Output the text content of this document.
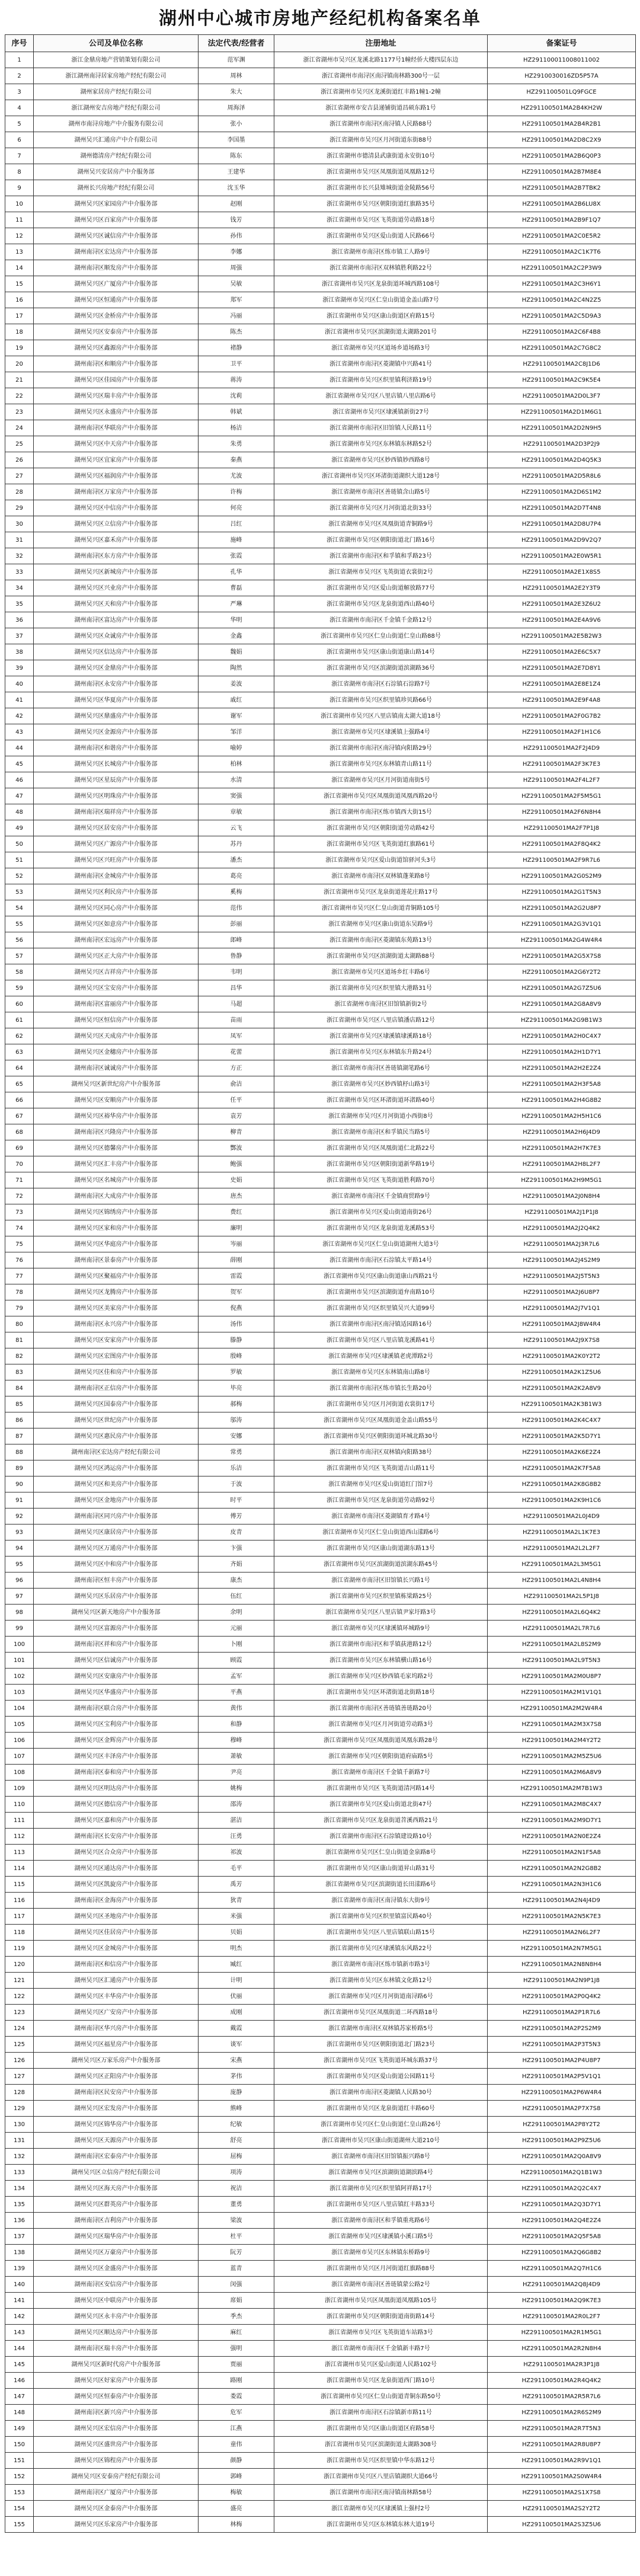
湖州中心城市房地产经纪机构备案名单
序号	公司及单位名称	法定代表/经营者	注册地址	备案证号
1	浙江金鼎房地产营销策划有限公司	范军渊	浙江省湖州市吴兴区龙溪北路1177号1幢经侨大楼四层东边	HZ291100011008011002
2	浙江湖州南浔居家房地产经纪有限公司	周林	浙江省湖州市南浔区南浔镇南林路300号一层	HZ2910030016ZD5P57A
3	湖州家居房产经纪有限公司	朱大	浙江省湖州市吴兴区龙溪街道红丰路1幢1-2幢	HZ291100501LQ9FGCE
4	浙江湖州安吉房地产经纪有限公司	周海泽	浙江省湖州市安吉县递铺街道昌硕东路1号	HZ291100501MA2B4KH2W
5	湖州市南浔房地产中介服务有限公司	张小	浙江省湖州市南浔区南浔镇人民路88号	HZ291100501MA2B4R2B1
6	湖州吴兴汇通房产中介有限公司	李国墨	浙江省湖州市吴兴区月河街道东街88号	HZ291100501MA2D8C2X9
7	湖州德清房产经纪有限公司	陈东	浙江省湖州市德清县武康街道永安街10号	HZ291100501MA2B6Q0P3
8	湖州吴兴安居房产中介服务部	王建华	浙江省湖州市吴兴区凤凰街道凤凰路12号	HZ291100501MA2B7M8E4
9	湖州长兴房地产经纪有限公司	沈玉华	浙江省湖州市长兴县雉城街道金陵路56号	HZ291100501MA2B7TBK2
10	湖州吴兴区家园房产中介服务部	赵刚	浙江省湖州市吴兴区朝阳街道红旗路35号	HZ291100501MA2B6LU8X
11	湖州吴兴区百家房产中介服务部	钱芳	浙江省湖州市吴兴区飞英街道劳动路18号	HZ291100501MA2B9F1Q7
12	湖州吴兴区诚信房产中介服务部	孙伟	浙江省湖州市吴兴区爱山街道人民路66号	HZ291100501MA2C0E5R2
13	湖州南浔区宏达房产中介服务部	李娜	浙江省湖州市南浔区练市镇工人路9号	HZ291100501MA2C1K7T6
14	湖州南浔区顺发房产中介服务部	周强	浙江省湖州市南浔区双林镇胜利路22号	HZ291100501MA2C2P3W9
15	湖州吴兴区广厦房产中介服务部	吴敏	浙江省湖州市吴兴区龙泉街道环城西路108号	HZ291100501MA2C3H6Y1
16	湖州吴兴区恒通房产中介服务部	郑军	浙江省湖州市吴兴区仁皇山街道金盖山路7号	HZ291100501MA2C4N2Z5
17	湖州吴兴区金桥房产中介服务部	冯丽	浙江省湖州市吴兴区康山街道区府路15号	HZ291100501MA2C5D9A3
18	湖州吴兴区安泰房产中介服务部	陈杰	浙江省湖州市吴兴区滨湖街道太湖路201号	HZ291100501MA2C6F4B8
19	湖州吴兴区鑫源房产中介服务部	褚静	浙江省湖州市吴兴区道场乡道场路3号	HZ291100501MA2C7G8C2
20	湖州南浔区和顺房产中介服务部	卫平	浙江省湖州市南浔区菱湖镇中兴路41号	HZ291100501MA2C8J1D6
21	湖州吴兴区佳园房产中介服务部	蒋涛	浙江省湖州市吴兴区织里镇利济路19号	HZ291100501MA2C9K5E4
22	湖州吴兴区瑞丰房产中介服务部	沈莉	浙江省湖州市吴兴区八里店镇八里店路6号	HZ291100501MA2D0L3F7
23	湖州吴兴区永盛房产中介服务部	韩斌	浙江省湖州市吴兴区埭溪镇新街27号	HZ291100501MA2D1M6G1
24	湖州南浔区华联房产中介服务部	杨洁	浙江省湖州市南浔区旧馆镇人民路11号	HZ291100501MA2D2N9H5
25	湖州吴兴区中天房产中介服务部	朱勇	浙江省湖州市吴兴区东林镇东林路52号	HZ291100501MA2D3P2J9
26	湖州吴兴区宜家房产中介服务部	秦燕	浙江省湖州市吴兴区妙西镇妙西路8号	HZ291100501MA2D4Q5K3
27	湖州吴兴区福润房产中介服务部	尤波	浙江省湖州市吴兴区环渚街道湖织大道128号	HZ291100501MA2D5R8L6
28	湖州南浔区万家房产中介服务部	许梅	浙江省湖州市南浔区善琏镇含山路5号	HZ291100501MA2D6S1M2
29	湖州吴兴区中信房产中介服务部	何亮	浙江省湖州市吴兴区月河街道北街33号	HZ291100501MA2D7T4N8
30	湖州吴兴区立信房产中介服务部	吕红	浙江省湖州市吴兴区凤凰街道青铜路9号	HZ291100501MA2D8U7P4
31	湖州吴兴区嘉禾房产中介服务部	施峰	浙江省湖州市吴兴区朝阳街道北门路16号	HZ291100501MA2D9V2Q7
32	湖州南浔区东方房产中介服务部	张霞	浙江省湖州市南浔区和孚镇和孚路23号	HZ291100501MA2E0W5R1
33	湖州吴兴区新城房产中介服务部	孔华	浙江省湖州市吴兴区飞英街道衣裳街2号	HZ291100501MA2E1X8S5
34	湖州吴兴区兴业房产中介服务部	曹磊	浙江省湖州市吴兴区爱山街道解放路77号	HZ291100501MA2E2Y3T9
35	湖州吴兴区天和房产中介服务部	严琳	浙江省湖州市吴兴区龙泉街道西山路40号	HZ291100501MA2E3Z6U2
36	湖州南浔区富达房产中介服务部	华明	浙江省湖州市南浔区千金镇千金路12号	HZ291100501MA2E4A9V6
37	湖州吴兴区众诚房产中介服务部	金鑫	浙江省湖州市吴兴区仁皇山街道仁皇山路88号	HZ291100501MA2E5B2W3
38	湖州吴兴区信达房产中介服务部	魏娟	浙江省湖州市吴兴区康山街道康山路14号	HZ291100501MA2E6C5X7
39	湖州吴兴区金鼎房产中介服务部	陶然	浙江省湖州市吴兴区滨湖街道滨湖路36号	HZ291100501MA2E7D8Y1
40	湖州南浔区永安房产中介服务部	姜波	浙江省湖州市南浔区石淙镇石淙路7号	HZ291100501MA2E8E1Z4
41	湖州吴兴区华夏房产中介服务部	戚红	浙江省湖州市吴兴区织里镇珍贝路66号	HZ291100501MA2E9F4A8
42	湖州吴兴区鼎盛房产中介服务部	谢军	浙江省湖州市吴兴区八里店镇南太湖大道18号	HZ291100501MA2F0G7B2
43	湖州吴兴区金源房产中介服务部	邹洋	浙江省湖州市吴兴区埭溪镇上强路4号	HZ291100501MA2F1H1C6
44	湖州南浔区和谐房产中介服务部	喻婷	浙江省湖州市南浔区南浔镇向阳路29号	HZ291100501MA2F2J4D9
45	湖州吴兴区长城房产中介服务部	柏林	浙江省湖州市吴兴区东林镇青山路11号	HZ291100501MA2F3K7E3
46	湖州吴兴区星辰房产中介服务部	水清	浙江省湖州市吴兴区月河街道南街5号	HZ291100501MA2F4L2F7
47	湖州吴兴区明珠房产中介服务部	窦强	浙江省湖州市吴兴区凤凰街道凤凰西路20号	HZ291100501MA2F5M5G1
48	湖州南浔区瑞祥房产中介服务部	章敏	浙江省湖州市南浔区练市镇西大街15号	HZ291100501MA2F6N8H4
49	湖州吴兴区居安房产中介服务部	云飞	浙江省湖州市吴兴区朝阳街道劳动路42号	HZ291100501MA2F7P1J8
50	湖州吴兴区广源房产中介服务部	苏丹	浙江省湖州市吴兴区飞英街道红旗路61号	HZ291100501MA2F8Q4K2
51	湖州吴兴区兴旺房产中介服务部	潘杰	浙江省湖州市吴兴区爱山街道馆驿河头3号	HZ291100501MA2F9R7L6
52	湖州南浔区金城房产中介服务部	葛亮	浙江省湖州市南浔区双林镇蓬莱路8号	HZ291100501MA2G0S2M9
53	湖州吴兴区利民房产中介服务部	奚梅	浙江省湖州市吴兴区龙泉街道莲花庄路17号	HZ291100501MA2G1T5N3
54	湖州吴兴区同心房产中介服务部	范伟	浙江省湖州市吴兴区仁皇山街道青铜路105号	HZ291100501MA2G2U8P7
55	湖州吴兴区如意房产中介服务部	彭丽	浙江省湖州市吴兴区康山街道东吴路9号	HZ291100501MA2G3V1Q1
56	湖州南浔区宏远房产中介服务部	郎峰	浙江省湖州市南浔区菱湖镇东苑路13号	HZ291100501MA2G4W4R4
57	湖州吴兴区正大房产中介服务部	鲁静	浙江省湖州市吴兴区滨湖街道太湖路88号	HZ291100501MA2G5X7S8
58	湖州吴兴区吉祥房产中介服务部	韦明	浙江省湖州市吴兴区道场乡红丰路6号	HZ291100501MA2G6Y2T2
59	湖州吴兴区宝安房产中介服务部	昌华	浙江省湖州市吴兴区织里镇大港路31号	HZ291100501MA2G7Z5U6
60	湖州南浔区富丽房产中介服务部	马超	浙江省湖州市南浔区旧馆镇新街2号	HZ291100501MA2G8A8V9
61	湖州吴兴区恒信房产中介服务部	苗雨	浙江省湖州市吴兴区八里店镇潘店路12号	HZ291100501MA2G9B1W3
62	湖州吴兴区天成房产中介服务部	凤军	浙江省湖州市吴兴区埭溪镇埭溪路18号	HZ291100501MA2H0C4X7
63	湖州吴兴区金穗房产中介服务部	花蕾	浙江省湖州市吴兴区东林镇东升路24号	HZ291100501MA2H1D7Y1
64	湖州南浔区诚诚房产中介服务部	方正	浙江省湖州市南浔区善琏镇湖笔路6号	HZ291100501MA2H2E2Z4
65	湖州吴兴区新世纪房产中介服务部	俞洁	浙江省湖州市吴兴区妙西镇杼山路3号	HZ291100501MA2H3F5A8
66	湖州吴兴区安顺房产中介服务部	任平	浙江省湖州市吴兴区环渚街道环渚路40号	HZ291100501MA2H4G8B2
67	湖州吴兴区裕华房产中介服务部	袁芳	浙江省湖州市吴兴区月河街道小西街8号	HZ291100501MA2H5H1C6
68	湖州南浔区兴隆房产中介服务部	柳青	浙江省湖州市南浔区和孚镇民当路5号	HZ291100501MA2H6J4D9
69	湖州吴兴区德馨房产中介服务部	酆波	浙江省湖州市吴兴区凤凰街道仁北路22号	HZ291100501MA2H7K7E3
70	湖州吴兴区汇丰房产中介服务部	鲍强	浙江省湖州市吴兴区朝阳街道新华路19号	HZ291100501MA2H8L2F7
71	湖州吴兴区名城房产中介服务部	史娟	浙江省湖州市吴兴区飞英街道胜利路70号	HZ291100501MA2H9M5G1
72	湖州南浔区大成房产中介服务部	唐杰	浙江省湖州市南浔区千金镇商贸路9号	HZ291100501MA2J0N8H4
73	湖州吴兴区锦绣房产中介服务部	费红	浙江省湖州市吴兴区爱山街道南街26号	HZ291100501MA2J1P1J8
74	湖州吴兴区家和房产中介服务部	廉明	浙江省湖州市吴兴区龙泉街道龙溪路53号	HZ291100501MA2J2Q4K2
75	湖州吴兴区华庭房产中介服务部	岑丽	浙江省湖州市吴兴区仁皇山街道湖州大道3号	HZ291100501MA2J3R7L6
76	湖州南浔区景泰房产中介服务部	薛刚	浙江省湖州市南浔区石淙镇太平路14号	HZ291100501MA2J4S2M9
77	湖州吴兴区聚福房产中介服务部	雷霞	浙江省湖州市吴兴区康山街道康山西路21号	HZ291100501MA2J5T5N3
78	湖州吴兴区龙腾房产中介服务部	贺军	浙江省湖州市吴兴区滨湖街道弁南路10号	HZ291100501MA2J6U8P7
79	湖州吴兴区美家房产中介服务部	倪燕	浙江省湖州市吴兴区织里镇吴兴大道99号	HZ291100501MA2J7V1Q1
80	湖州南浔区永兴房产中介服务部	汤伟	浙江省湖州市南浔区南浔镇适园路16号	HZ291100501MA2J8W4R4
81	湖州吴兴区安家房产中介服务部	滕静	浙江省湖州市吴兴区八里店镇龙溪路41号	HZ291100501MA2J9X7S8
82	湖州吴兴区宏图房产中介服务部	殷峰	浙江省湖州市吴兴区埭溪镇老虎潭路2号	HZ291100501MA2K0Y2T2
83	湖州吴兴区佳和房产中介服务部	罗敏	浙江省湖州市吴兴区东林镇南山路8号	HZ291100501MA2K1Z5U6
84	湖州南浔区正信房产中介服务部	毕亮	浙江省湖州市南浔区练市镇长生路20号	HZ291100501MA2K2A8V9
85	湖州吴兴区国泰房产中介服务部	郝梅	浙江省湖州市吴兴区月河街道衣裳街17号	HZ291100501MA2K3B1W3
86	湖州吴兴区世纪房产中介服务部	邬涛	浙江省湖州市吴兴区凤凰街道金盖山路55号	HZ291100501MA2K4C4X7
87	湖州吴兴区惠民房产中介服务部	安娜	浙江省湖州市吴兴区朝阳街道环城北路30号	HZ291100501MA2K5D7Y1
88	湖州南浔区宏达房产经纪有限公司	常勇	浙江省湖州市南浔区双林镇向阳路38号	HZ291100501MA2K6E2Z4
89	湖州吴兴区鸿运房产中介服务部	乐洁	浙江省湖州市吴兴区飞英街道吉山路11号	HZ291100501MA2K7F5A8
90	湖州吴兴区和美房产中介服务部	于波	浙江省湖州市吴兴区爱山街道红门馆7号	HZ291100501MA2K8G8B2
91	湖州吴兴区金地房产中介服务部	时平	浙江省湖州市吴兴区龙泉街道劳动路92号	HZ291100501MA2K9H1C6
92	湖州南浔区同兴房产中介服务部	傅芳	浙江省湖州市南浔区菱湖镇育才路4号	HZ291100501MA2L0J4D9
93	湖州吴兴区康居房产中介服务部	皮青	浙江省湖州市吴兴区仁皇山街道西山漾路6号	HZ291100501MA2L1K7E3
94	湖州吴兴区万通房产中介服务部	卞强	浙江省湖州市吴兴区康山街道湖东路13号	HZ291100501MA2L2L2F7
95	湖州吴兴区中和房产中介服务部	齐娟	浙江省湖州市吴兴区滨湖街道滨湖东路45号	HZ291100501MA2L3M5G1
96	湖州南浔区恒丰房产中介服务部	康杰	浙江省湖州市南浔区旧馆镇长兴路1号	HZ291100501MA2L4N8H4
97	湖州吴兴区乐居房产中介服务部	伍红	浙江省湖州市吴兴区织里镇栋梁路25号	HZ291100501MA2L5P1J8
98	湖州吴兴区新天地房产中介服务部	余明	浙江省湖州市吴兴区八里店镇尹家圩路3号	HZ291100501MA2L6Q4K2
99	湖州吴兴区富源房产中介服务部	元丽	浙江省湖州市吴兴区埭溪镇环城路9号	HZ291100501MA2L7R7L6
100	湖州南浔区祥和房产中介服务部	卜刚	浙江省湖州市南浔区和孚镇荻港路12号	HZ291100501MA2L8S2M9
101	湖州吴兴区信诚房产中介服务部	顾霞	浙江省湖州市吴兴区东林镇横山路16号	HZ291100501MA2L9T5N3
102	湖州吴兴区安康房产中介服务部	孟军	浙江省湖州市吴兴区妙西镇毛家坞路2号	HZ291100501MA2M0U8P7
103	湖州吴兴区华盛房产中介服务部	平燕	浙江省湖州市吴兴区环渚街道北街路18号	HZ291100501MA2M1V1Q1
104	湖州南浔区联合房产中介服务部	黄伟	浙江省湖州市南浔区善琏镇善琏路20号	HZ291100501MA2M2W4R4
105	湖州吴兴区宝利房产中介服务部	和静	浙江省湖州市吴兴区月河街道劳动路3号	HZ291100501MA2M3X7S8
106	湖州吴兴区金辉房产中介服务部	穆峰	浙江省湖州市吴兴区凤凰街道凤凰东路28号	HZ291100501MA2M4Y2T2
107	湖州吴兴区丰泽房产中介服务部	萧敏	浙江省湖州市吴兴区朝阳街道府庙路5号	HZ291100501MA2M5Z5U6
108	湖州南浔区泰和房产中介服务部	尹亮	浙江省湖州市南浔区千金镇千新路7号	HZ291100501MA2M6A8V9
109	湖州吴兴区明达房产中介服务部	姚梅	浙江省湖州市吴兴区飞英街道清河路14号	HZ291100501MA2M7B1W3
110	湖州吴兴区德信房产中介服务部	邵涛	浙江省湖州市吴兴区爱山街道北街47号	HZ291100501MA2M8C4X7
111	湖州吴兴区嘉和房产中介服务部	湛洁	浙江省湖州市吴兴区龙泉街道苕溪西路21号	HZ291100501MA2M9D7Y1
112	湖州南浔区长安房产中介服务部	汪勇	浙江省湖州市南浔区石淙镇建设路10号	HZ291100501MA2N0E2Z4
113	湖州吴兴区合众房产中介服务部	祁波	浙江省湖州市吴兴区仁皇山街道金泉路8号	HZ291100501MA2N1F5A8
114	湖州吴兴区通达房产中介服务部	毛平	浙江省湖州市吴兴区康山街道昇山路31号	HZ291100501MA2N2G8B2
115	湖州吴兴区凯旋房产中介服务部	禹芳	浙江省湖州市吴兴区滨湖街道长田漾路6号	HZ291100501MA2N3H1C6
116	湖州南浔区金海房产中介服务部	狄青	浙江省湖州市南浔区南浔镇东大街9号	HZ291100501MA2N4J4D9
117	湖州吴兴区圣地房产中介服务部	米强	浙江省湖州市吴兴区织里镇富民路40号	HZ291100501MA2N5K7E3
118	湖州吴兴区佳居房产中介服务部	贝娟	浙江省湖州市吴兴区八里店镇联山路15号	HZ291100501MA2N6L2F7
119	湖州吴兴区金城房产中介服务部	明杰	浙江省湖州市吴兴区埭溪镇东风路22号	HZ291100501MA2N7M5G1
120	湖州南浔区和信房产中介服务部	臧红	浙江省湖州市南浔区练市镇新市路3号	HZ291100501MA2N8N8H4
121	湖州吴兴区汇通房产中介服务部	计明	浙江省湖州市吴兴区东林镇文化路12号	HZ291100501MA2N9P1J8
122	湖州吴兴区丰华房产中介服务部	伏丽	浙江省湖州市吴兴区月河街道南浔路6号	HZ291100501MA2P0Q4K2
123	湖州吴兴区广安房产中介服务部	成刚	浙江省湖州市吴兴区凤凰街道二环西路18号	HZ291100501MA2P1R7L6
124	湖州南浔区华兴房产中介服务部	戴霞	浙江省湖州市南浔区双林镇苏家桥路5号	HZ291100501MA2P2S2M9
125	湖州吴兴区福星房产中介服务部	谈军	浙江省湖州市吴兴区朝阳街道北门路23号	HZ291100501MA2P3T5N3
126	湖州吴兴区万家乐房产中介服务部	宋燕	浙江省湖州市吴兴区飞英街道环城东路37号	HZ291100501MA2P4U8P7
127	湖州吴兴区正阳房产中介服务部	茅伟	浙江省湖州市吴兴区爱山街道公园路11号	HZ291100501MA2P5V1Q1
128	湖州南浔区民安房产中介服务部	庞静	浙江省湖州市南浔区菱湖镇人民路30号	HZ291100501MA2P6W4R4
129	湖州吴兴区宏发房产中介服务部	熊峰	浙江省湖州市吴兴区龙泉街道红丰路60号	HZ291100501MA2P7X7S8
130	湖州吴兴区锦华房产中介服务部	纪敏	浙江省湖州市吴兴区仁皇山街道仁皇山路26号	HZ291100501MA2P8Y2T2
131	湖州吴兴区天源房产中介服务部	舒亮	浙江省湖州市吴兴区康山街道湖州大道210号	HZ291100501MA2P9Z5U6
132	湖州南浔区宏泰房产中介服务部	屈梅	浙江省湖州市南浔区旧馆镇振兴路8号	HZ291100501MA2Q0A8V9
133	湖州吴兴区立信房产经纪有限公司	项涛	浙江省湖州市吴兴区滨湖街道湖滨路4号	HZ291100501MA2Q1B1W3
134	湖州吴兴区海天房产中介服务部	祝洁	浙江省湖州市吴兴区织里镇阿祥路17号	HZ291100501MA2Q2C4X7
135	湖州吴兴区群英房产中介服务部	董勇	浙江省湖州市吴兴区八里店镇红丰路33号	HZ291100501MA2Q3D7Y1
136	湖州南浔区吉利房产中介服务部	梁波	浙江省湖州市南浔区和孚镇重兆路6号	HZ291100501MA2Q4E2Z4
137	湖州吴兴区瑞华房产中介服务部	杜平	浙江省湖州市吴兴区埭溪镇小溪口路5号	HZ291100501MA2Q5F5A8
138	湖州吴兴区万豪房产中介服务部	阮芳	浙江省湖州市吴兴区东林镇东桥路9号	HZ291100501MA2Q6G8B2
139	湖州吴兴区金盛房产中介服务部	蓝青	浙江省湖州市吴兴区月河街道红旗路88号	HZ291100501MA2Q7H1C6
140	湖州南浔区安信房产中介服务部	闵强	浙江省湖州市南浔区善琏镇蒙公路2号	HZ291100501MA2Q8J4D9
141	湖州吴兴区中联房产中介服务部	席娟	浙江省湖州市吴兴区凤凰街道凤凰路105号	HZ291100501MA2Q9K7E3
142	湖州吴兴区永丰房产中介服务部	季杰	浙江省湖州市吴兴区朝阳街道南街路14号	HZ291100501MA2R0L2F7
143	湖州吴兴区顺达房产中介服务部	麻红	浙江省湖州市吴兴区飞英街道车站路3号	HZ291100501MA2R1M5G1
144	湖州南浔区瑞丰房产中介服务部	强明	浙江省湖州市南浔区千金镇新丰路7号	HZ291100501MA2R2N8H4
145	湖州吴兴区新时代房产中介服务部	贾丽	浙江省湖州市吴兴区爱山街道人民路102号	HZ291100501MA2R3P1J8
146	湖州吴兴区好家房产中介服务部	路刚	浙江省湖州市吴兴区龙泉街道西门路10号	HZ291100501MA2R4Q4K2
147	湖州吴兴区恒泰房产中介服务部	娄霞	浙江省湖州市吴兴区仁皇山街道青铜东路50号	HZ291100501MA2R5R7L6
148	湖州南浔区新兴房产中介服务部	危军	浙江省湖州市南浔区石淙镇新市路11号	HZ291100501MA2R6S2M9
149	湖州吴兴区宏信房产中介服务部	江燕	浙江省湖州市吴兴区康山街道区府路58号	HZ291100501MA2R7T5N3
150	湖州吴兴区盛世房产中介服务部	童伟	浙江省湖州市吴兴区滨湖街道太湖路308号	HZ291100501MA2R8U8P7
151	湖州吴兴区锦程房产中介服务部	颜静	浙江省湖州市吴兴区织里镇中华东路12号	HZ291100501MA2R9V1Q1
152	湖州吴兴区安泰房产经纪有限公司	郭峰	浙江省湖州市吴兴区八里店镇湖织大道66号	HZ291100501MA2S0W4R4
153	湖州南浔区广厦房产中介服务部	梅敏	浙江省湖州市南浔区南浔镇南林路58号	HZ291100501MA2S1X7S8
154	湖州吴兴区金泰房产中介服务部	盛亮	浙江省湖州市吴兴区埭溪镇上强村2号	HZ291100501MA2S2Y2T2
155	湖州吴兴区乐家房产中介服务部	林梅	浙江省湖州市吴兴区东林镇东林大道19号	HZ291100501MA2S3Z5U6
